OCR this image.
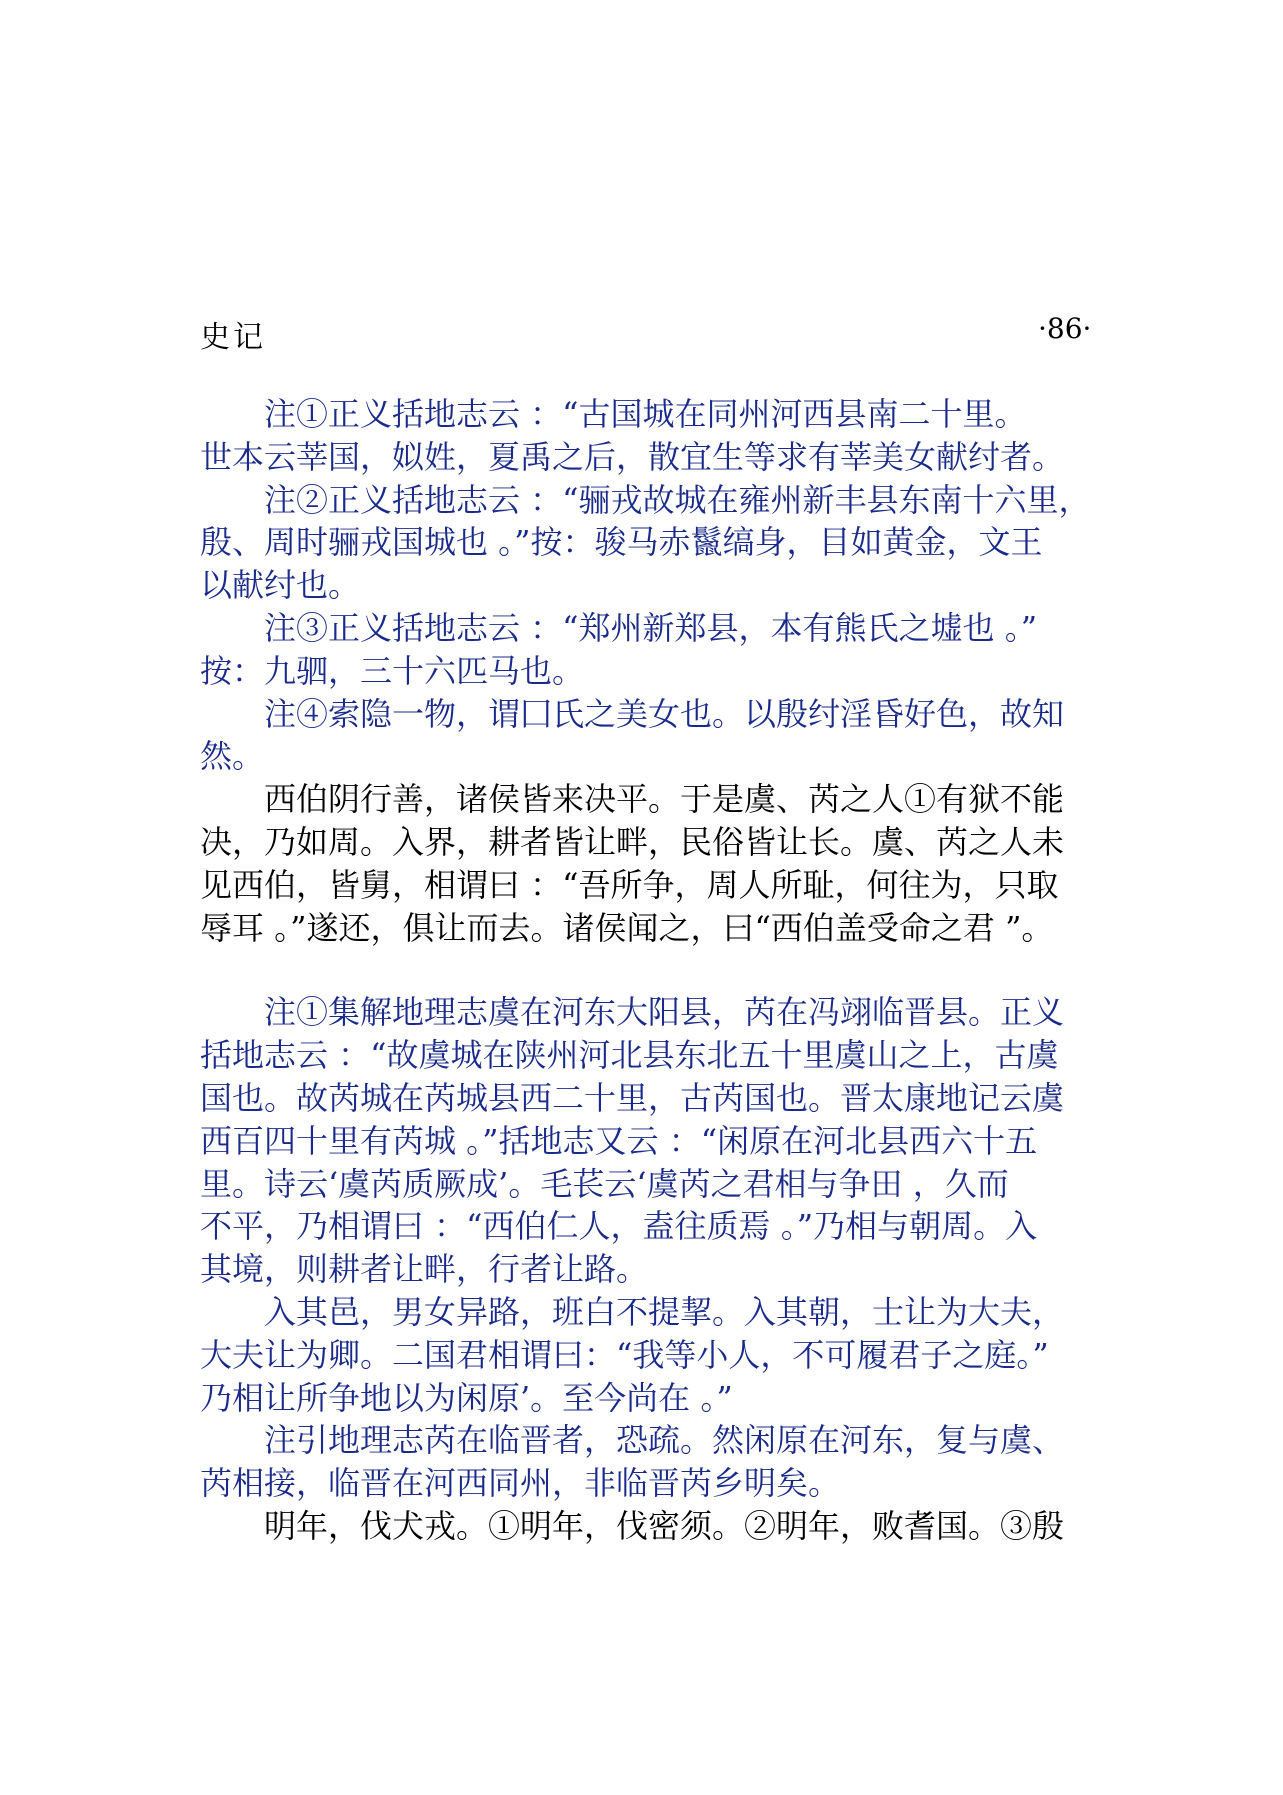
史记	·86·

注①正义括地志云 ：“古国城在同州河西县南二十里。
世本云莘国，姒姓，夏禹之后，散宜生等求有莘美女献纣者。

注②正义括地志云 ：“骊戎故城在雍州新丰县东南十六里，
殷、周时骊戎国城也 。”按：骏马赤鬣缟身，目如黄金，文王
以献纣也。

注③正义括地志云 ：“郑州新郑县，本有熊氏之墟也 。”
按：九驷，三十六匹马也。

注④索隐一物，谓囗氏之美女也。以殷纣淫昏好色，故知
然。

西伯阴行善，诸侯皆来决平。于是虞、芮之人①有狱不能
决，乃如周。入界，耕者皆让畔，民俗皆让长。虞、芮之人未
见西伯，皆舅，相谓曰 ：“吾所争，周人所耻，何往为，只取
辱耳 。”遂还，俱让而去。诸侯闻之，曰“西伯盖受命之君 ”。

注①集解地理志虞在河东大阳县，芮在冯翊临晋县。正义
括地志云 ：“故虞城在陕州河北县东北五十里虞山之上，古虞
国也。故芮城在芮城县西二十里，古芮国也。晋太康地记云虞
西百四十里有芮城 。”括地志又云 ：“闲原在河北县西六十五
里。诗云‘虞芮质厥成’。毛苌云‘虞芮之君相与争田 ，久而
不平，乃相谓曰 ：“西伯仁人，盍往质焉 。”乃相与朝周。入
其境，则耕者让畔，行者让路。

入其邑，男女异路，班白不提挈。入其朝，士让为大夫，
大夫让为卿。二国君相谓曰：“我等小人，不可履君子之庭。”
乃相让所争地以为闲原’。至今尚在 。”

注引地理志芮在临晋者，恐疏。然闲原在河东，复与虞、
芮相接，临晋在河西同州，非临晋芮乡明矣。

明年，伐犬戎。①明年，伐密须。②明年，败耆国。③殷
